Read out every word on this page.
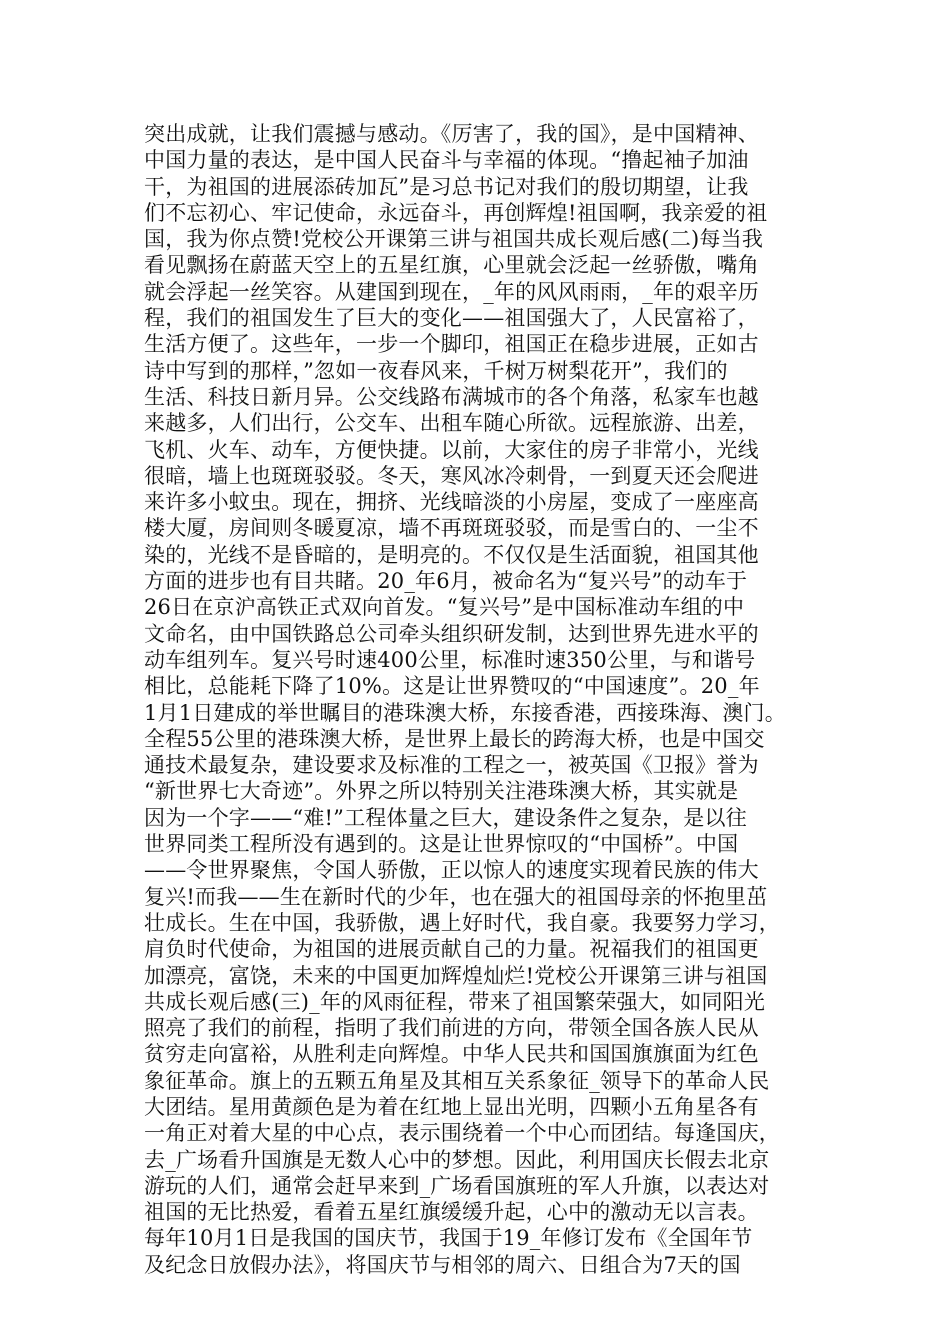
突出成就，让我们震撼与感动。《厉害了，我的国》，是中国精神、
中国力量的表达，是中国人民奋斗与幸福的体现。“撸起袖子加油
干，为祖国的进展添砖加瓦”是习总书记对我们的殷切期望，让我
们不忘初心、牢记使命，永远奋斗，再创辉煌!祖国啊，我亲爱的祖
国，我为你点赞!党校公开课第三讲与祖国共成长观后感(二)每当我
看见飘扬在蔚蓝天空上的五星红旗，心里就会泛起一丝骄傲，嘴角
就会浮起一丝笑容。从建国到现在，_年的风风雨雨，_年的艰辛历
程，我们的祖国发生了巨大的变化——祖国强大了，人民富裕了，
生活方便了。这些年，一步一个脚印，祖国正在稳步进展，正如古
诗中写到的那样，”忽如一夜春风来，千树万树梨花开”，我们的
生活、科技日新月异。公交线路布满城市的各个角落，私家车也越
来越多，人们出行，公交车、出租车随心所欲。远程旅游、出差，
飞机、火车、动车，方便快捷。以前，大家住的房子非常小，光线
很暗，墙上也斑斑驳驳。冬天，寒风冰冷刺骨，一到夏天还会爬进
来许多小蚊虫。现在，拥挤、光线暗淡的小房屋，变成了一座座高
楼大厦，房间则冬暖夏凉，墙不再斑斑驳驳，而是雪白的、一尘不
染的，光线不是昏暗的，是明亮的。不仅仅是生活面貌，祖国其他
方面的进步也有目共睹。20_年6月，被命名为“复兴号”的动车于
26日在京沪高铁正式双向首发。“复兴号”是中国标准动车组的中
文命名，由中国铁路总公司牵头组织研发制，达到世界先进水平的
动车组列车。复兴号时速400公里，标准时速350公里，与和谐号
相比，总能耗下降了10%。这是让世界赞叹的“中国速度”。20_年
1月1日建成的举世瞩目的港珠澳大桥，东接香港，西接珠海、澳门。
全程55公里的港珠澳大桥，是世界上最长的跨海大桥，也是中国交
通技术最复杂，建设要求及标准的工程之一，被英国《卫报》誉为
“新世界七大奇迹”。外界之所以特别关注港珠澳大桥，其实就是
因为一个字——“难!”工程体量之巨大，建设条件之复杂，是以往
世界同类工程所没有遇到的。这是让世界惊叹的“中国桥”。中国
——令世界聚焦，令国人骄傲，正以惊人的速度实现着民族的伟大
复兴!而我——生在新时代的少年，也在强大的祖国母亲的怀抱里茁
壮成长。生在中国，我骄傲，遇上好时代，我自豪。我要努力学习，
肩负时代使命，为祖国的进展贡献自己的力量。祝福我们的祖国更
加漂亮，富饶，未来的中国更加辉煌灿烂!党校公开课第三讲与祖国
共成长观后感(三)_年的风雨征程，带来了祖国繁荣强大，如同阳光
照亮了我们的前程，指明了我们前进的方向，带领全国各族人民从
贫穷走向富裕，从胜利走向辉煌。中华人民共和国国旗旗面为红色
象征革命。旗上的五颗五角星及其相互关系象征_领导下的革命人民
大团结。星用黄颜色是为着在红地上显出光明，四颗小五角星各有
一角正对着大星的中心点，表示围绕着一个中心而团结。每逢国庆，
去_广场看升国旗是无数人心中的梦想。因此，利用国庆长假去北京
游玩的人们，通常会赶早来到_广场看国旗班的军人升旗，以表达对
祖国的无比热爱，看着五星红旗缓缓升起，心中的激动无以言表。
每年10月1日是我国的国庆节，我国于19_年修订发布《全国年节
及纪念日放假办法》，将国庆节与相邻的周六、日组合为7天的国
